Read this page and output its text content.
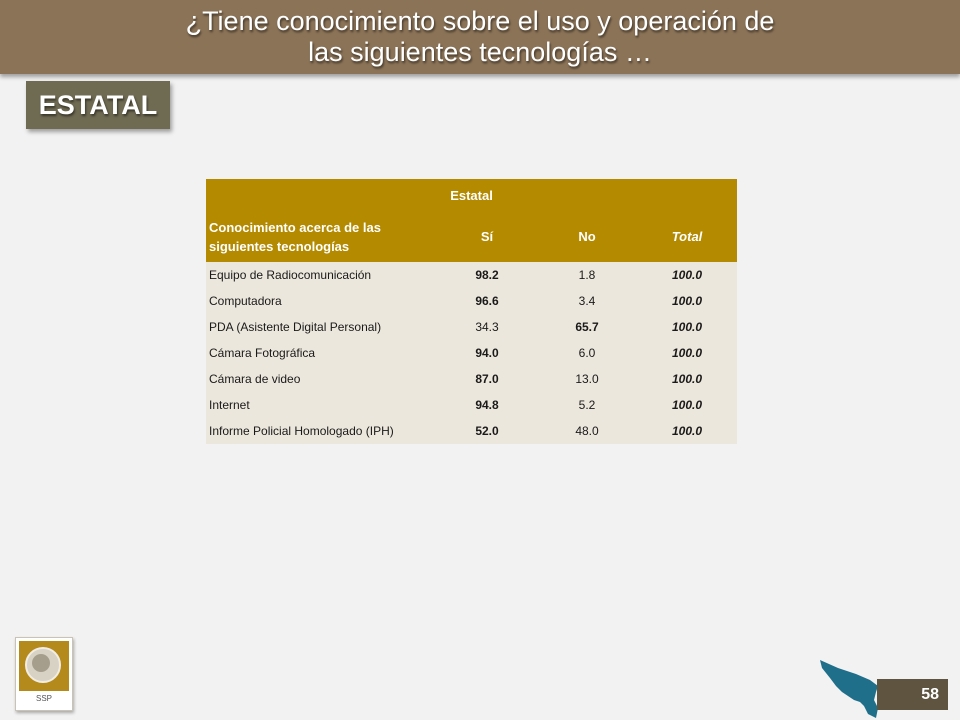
¿Tiene conocimiento sobre el uso y operación de
las siguientes tecnologías …
ESTATAL
Estatal			
Conocimiento acerca de las siguientes tecnologías	Sí	No	Total
Equipo de Radiocomunicación	98.2	1.8	100.0
Computadora	96.6	3.4	100.0
PDA (Asistente Digital Personal)	34.3	65.7	100.0
Cámara Fotográfica	94.0	6.0	100.0
Cámara de video	87.0	13.0	100.0
Internet	94.8	5.2	100.0
Informe Policial Homologado (IPH)	52.0	48.0	100.0
SSP	58
